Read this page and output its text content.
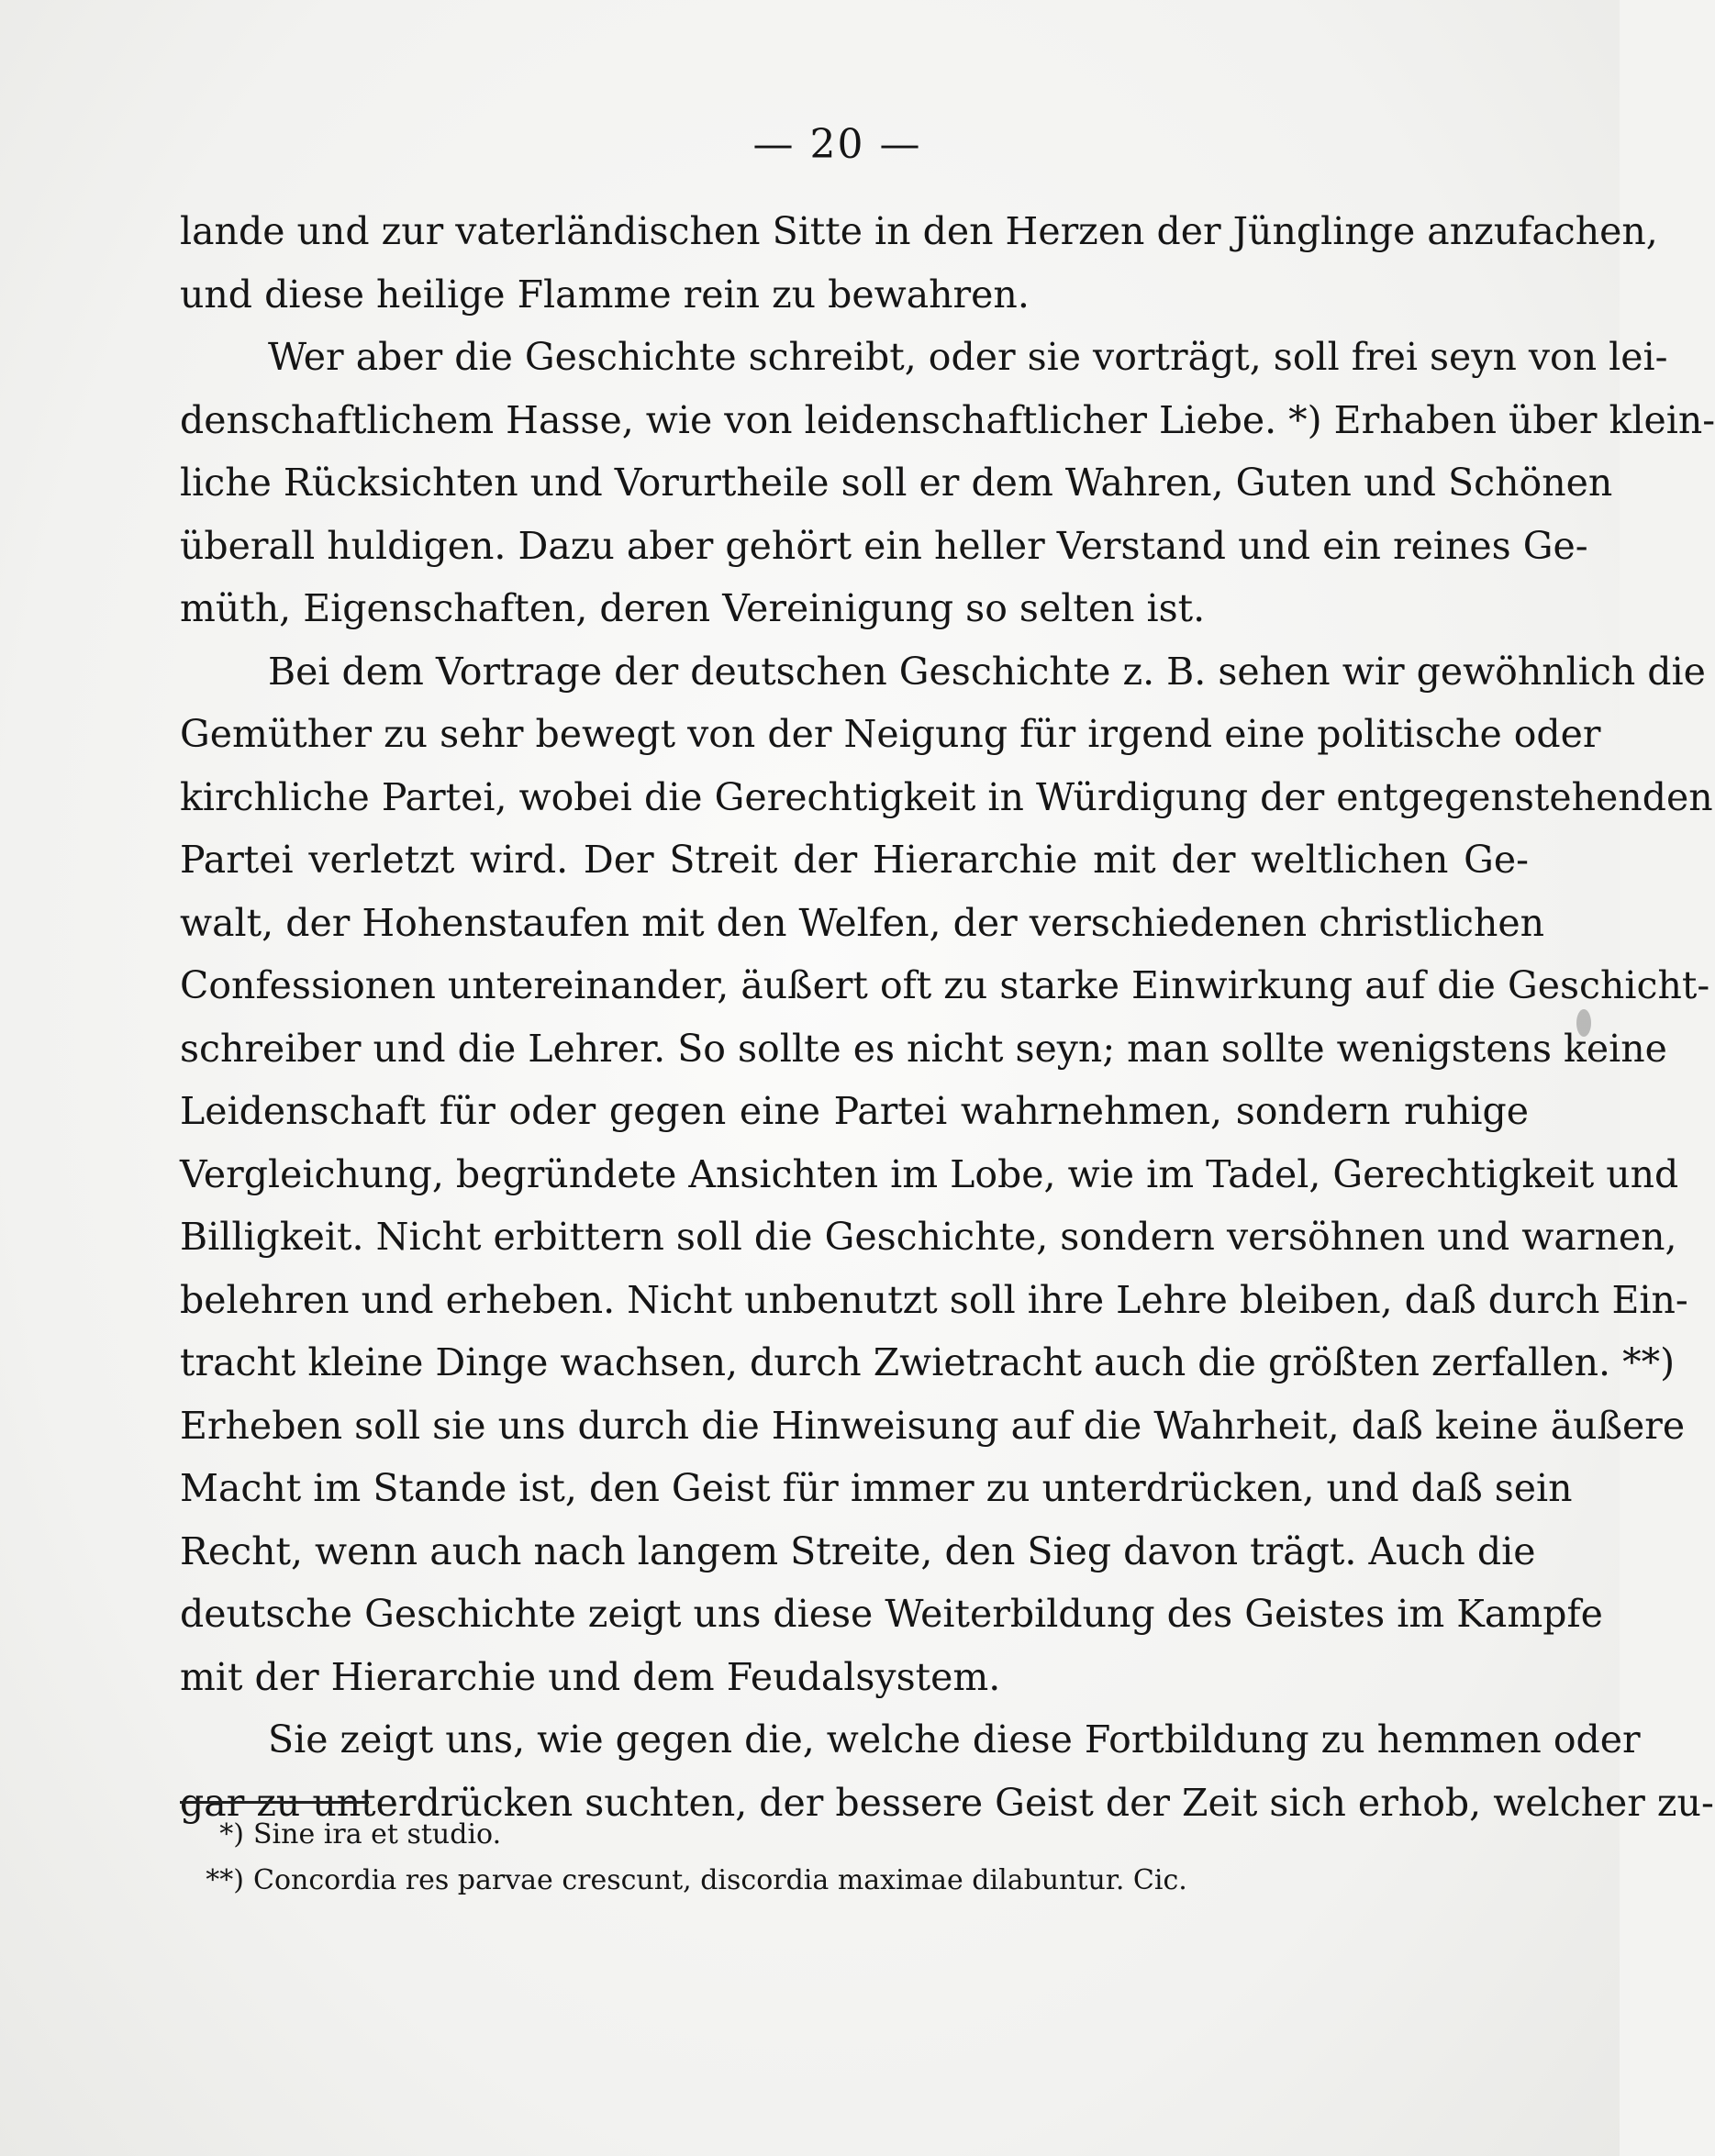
— 20 —
lande und zur vaterländischen Sitte in den Herzen der Jünglinge anzufachen,
und diese heilige Flamme rein zu bewahren.
Wer aber die Geschichte schreibt, oder sie vorträgt, soll frei seyn von lei-
denschaftlichem Hasse, wie von leidenschaftlicher Liebe. *) Erhaben über klein-
liche Rücksichten und Vorurtheile soll er dem Wahren, Guten und Schönen
überall huldigen. Dazu aber gehört ein heller Verstand und ein reines Ge-
müth, Eigenschaften, deren Vereinigung so selten ist.
Bei dem Vortrage der deutschen Geschichte z. B. sehen wir gewöhnlich die
Gemüther zu sehr bewegt von der Neigung für irgend eine politische oder
kirchliche Partei, wobei die Gerechtigkeit in Würdigung der entgegenstehenden
Partei verletzt wird. Der Streit der Hierarchie mit der weltlichen Ge-
walt, der Hohenstaufen mit den Welfen, der verschiedenen christlichen
Confessionen untereinander, äußert oft zu starke Einwirkung auf die Geschicht-
schreiber und die Lehrer. So sollte es nicht seyn; man sollte wenigstens keine
Leidenschaft für oder gegen eine Partei wahrnehmen, sondern ruhige
Vergleichung, begründete Ansichten im Lobe, wie im Tadel, Gerechtigkeit und
Billigkeit. Nicht erbittern soll die Geschichte, sondern versöhnen und warnen,
belehren und erheben. Nicht unbenutzt soll ihre Lehre bleiben, daß durch Ein-
tracht kleine Dinge wachsen, durch Zwietracht auch die größten zerfallen. **)
Erheben soll sie uns durch die Hinweisung auf die Wahrheit, daß keine äußere
Macht im Stande ist, den Geist für immer zu unterdrücken, und daß sein
Recht, wenn auch nach langem Streite, den Sieg davon trägt. Auch die
deutsche Geschichte zeigt uns diese Weiterbildung des Geistes im Kampfe
mit der Hierarchie und dem Feudalsystem.
Sie zeigt uns, wie gegen die, welche diese Fortbildung zu hemmen oder
gar zu unterdrücken suchten, der bessere Geist der Zeit sich erhob, welcher zu-
*) Sine ira et studio.
**) Concordia res parvae crescunt, discordia maximae dilabuntur. Cic.
